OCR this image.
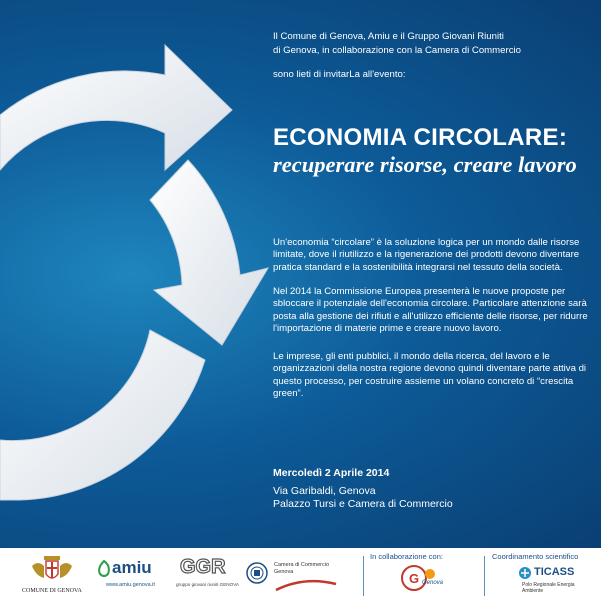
Il Comune di Genova, Amiu e il Gruppo Giovani Riuniti
di Genova, in collaborazione con la Camera di Commercio

sono lieti di invitarLa all'evento:

ECONOMIA CIRCOLARE:
recuperare risorse, creare lavoro

Un'economia “circolare” è la soluzione logica per un mondo dalle risorse limitate, dove il riutilizzo e la rigenerazione dei prodotti devono diventare pratica standard e la sostenibilità integrarsi nel tessuto della società.

Nel 2014 la Commissione Europea presenterà le nuove proposte per sbloccare il potenziale dell'economia circolare. Particolare attenzione sarà posta alla gestione dei rifiuti e all'utilizzo efficiente delle risorse, per ridurre l'importazione di materie prime e creare nuovo lavoro.

Le imprese, gli enti pubblici, il mondo della ricerca, del lavoro e le organizzazioni della nostra regione devono quindi diventare parte attiva di questo processo, per costruire assieme un volano concreto di “crescita green”.

Mercoledì 2 Aprile 2014

Via Garibaldi, Genova

Palazzo Tursi e Camera di Commercio

COMUNE DI GENOVA

amiu

www.amiu.genova.it

GGR

gruppo giovani riuniti GENOVA

Camera di Commercio

Genova

In collaborazione con:

G Genova

Coordinamento scientifico

TICASS

Polo Regionale Energia Ambiente
